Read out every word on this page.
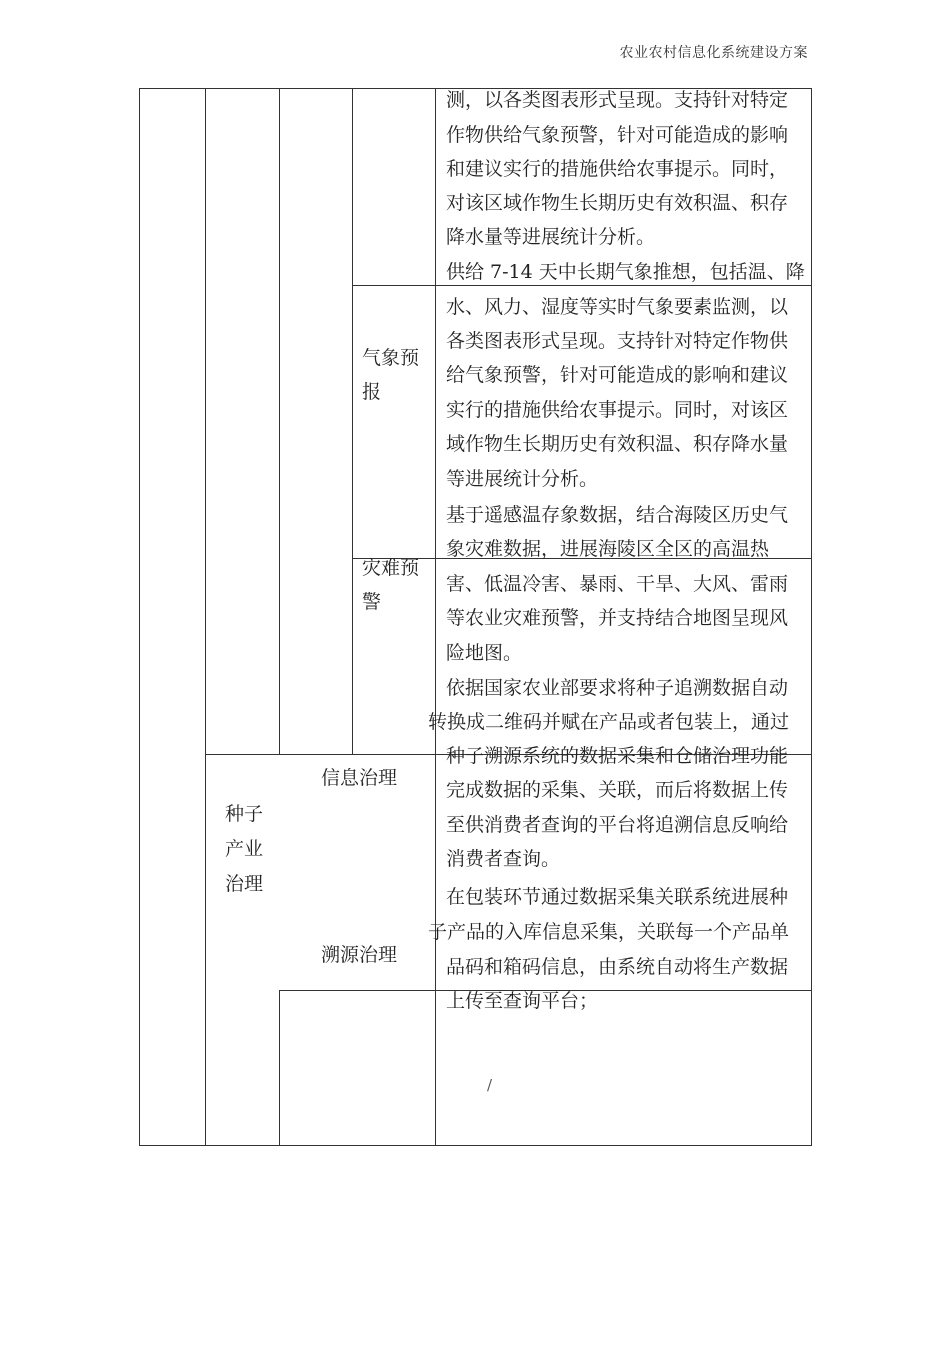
农业农村信息化系统建设方案
气象预
报
灾难预
警
种子
产业
治理
信息治理
溯源治理
测，以各类图表形式呈现。支持针对特定
作物供给气象预警，针对可能造成的影响
和建议实行的措施供给农事提示。同时，
对该区域作物生长期历史有效积温、积存
降水量等进展统计分析。
供给 7-14 天中长期气象推想，包括温、降
水、风力、湿度等实时气象要素监测，以
各类图表形式呈现。支持针对特定作物供
给气象预警，针对可能造成的影响和建议
实行的措施供给农事提示。同时，对该区
域作物生长期历史有效积温、积存降水量
等进展统计分析。
基于遥感温存象数据，结合海陵区历史气
象灾难数据，进展海陵区全区的高温热
害、低温冷害、暴雨、干旱、大风、雷雨
等农业灾难预警，并支持结合地图呈现风
险地图。
依据国家农业部要求将种子追溯数据自动
转换成二维码并赋在产品或者包装上，通过
种子溯源系统的数据采集和仓储治理功能
完成数据的采集、关联，而后将数据上传
至供消费者查询的平台将追溯信息反响给
消费者查询。
在包装环节通过数据采集关联系统进展种
子产品的入库信息采集，关联每一个产品单
品码和箱码信息，由系统自动将生产数据
上传至查询平台；
/
